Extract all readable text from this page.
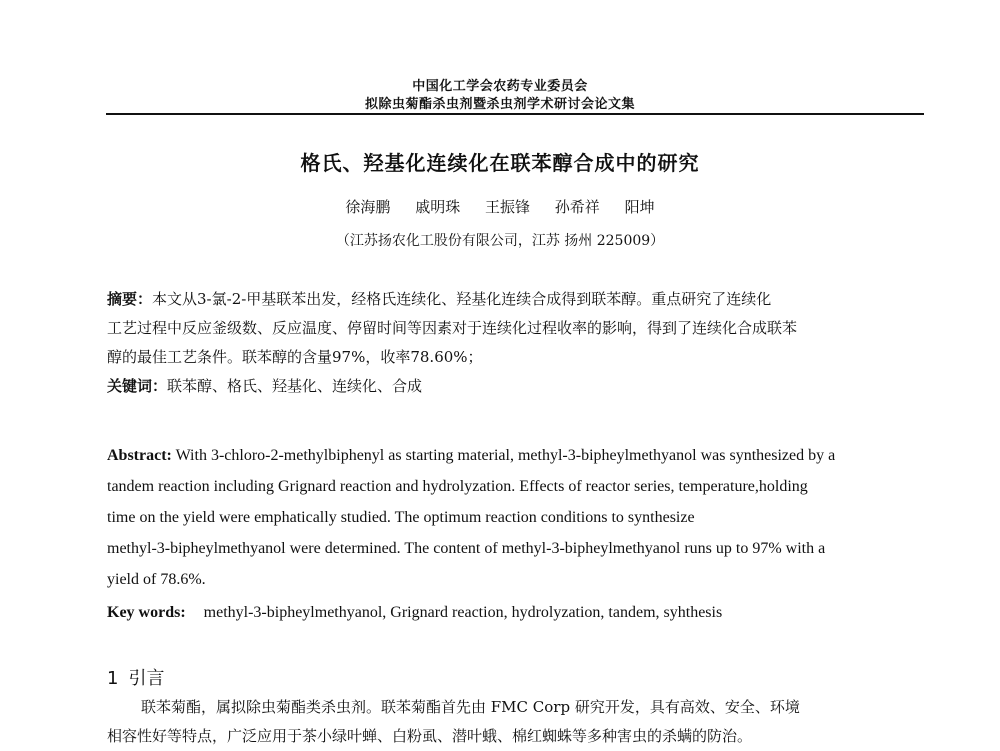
中国化工学会农药专业委员会
拟除虫菊酯杀虫剂暨杀虫剂学术研讨会论文集
格氏、羟基化连续化在联苯醇合成中的研究
徐海鹏 戚明珠 王振锋 孙希祥 阳坤
（江苏扬农化工股份有限公司，江苏 扬州 225009）
摘要：本文从3-氯-2-甲基联苯出发，经格氏连续化、羟基化连续合成得到联苯醇。重点研究了连续化
工艺过程中反应釜级数、反应温度、停留时间等因素对于连续化过程收率的影响，得到了连续化合成联苯
醇的最佳工艺条件。联苯醇的含量97%，收率78.60%；
关键词：联苯醇、格氏、羟基化、连续化、合成
Abstract: With 3-chloro-2-methylbiphenyl as starting material, methyl-3-bipheylmethyanol was synthesized by a
tandem reaction including Grignard reaction and hydrolyzation. Effects of reactor series, temperature,holding
time on the yield were emphatically studied. The optimum reaction conditions to synthesize
methyl-3-bipheylmethyanol were determined. The content of methyl-3-bipheylmethyanol runs up to 97% with a
yield of 78.6%.
Key words: methyl-3-bipheylmethyanol, Grignard reaction, hydrolyzation, tandem, syhthesis
1 引言
联苯菊酯，属拟除虫菊酯类杀虫剂。联苯菊酯首先由 FMC Corp 研究开发，具有高效、安全、环境
相容性好等特点，广泛应用于茶小绿叶蝉、白粉虱、潜叶蛾、棉红蜘蛛等多种害虫的杀螨的防治。
